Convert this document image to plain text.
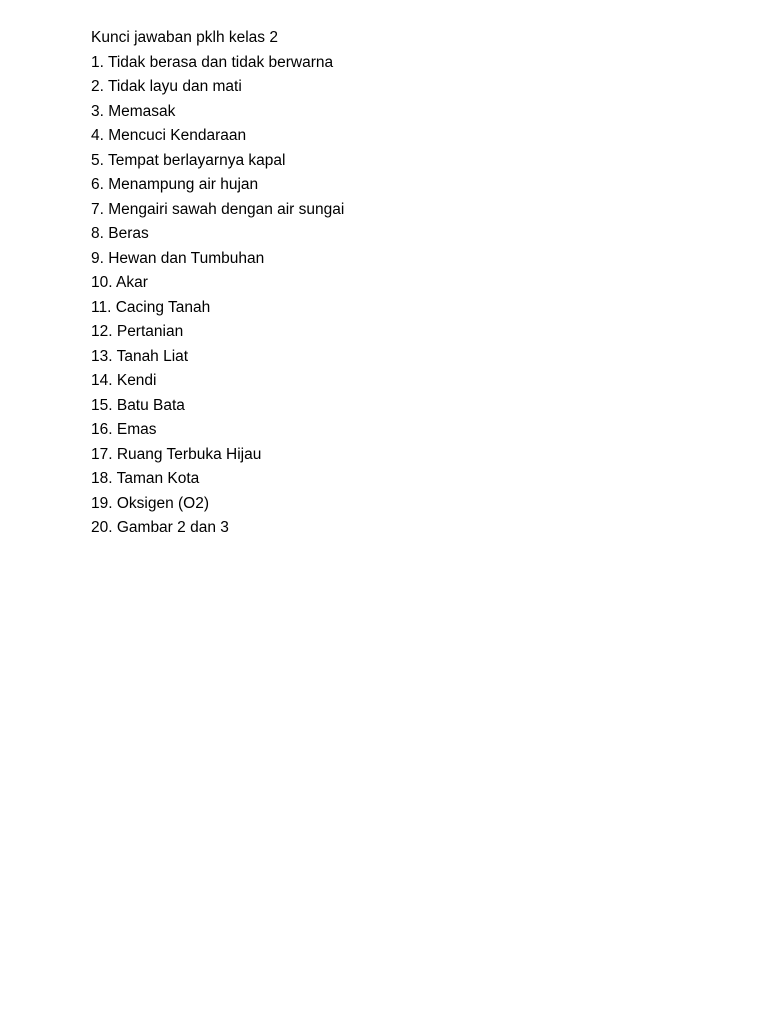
Kunci jawaban pklh kelas 2
1. Tidak berasa dan tidak berwarna
2. Tidak layu dan mati
3. Memasak
4. Mencuci Kendaraan
5. Tempat berlayarnya kapal
6. Menampung air hujan
7. Mengairi sawah dengan air sungai
8. Beras
9. Hewan dan Tumbuhan
10. Akar
11. Cacing Tanah
12. Pertanian
13. Tanah Liat
14. Kendi
15. Batu Bata
16. Emas
17. Ruang Terbuka Hijau
18. Taman Kota
19. Oksigen (O2)
20. Gambar 2 dan 3
